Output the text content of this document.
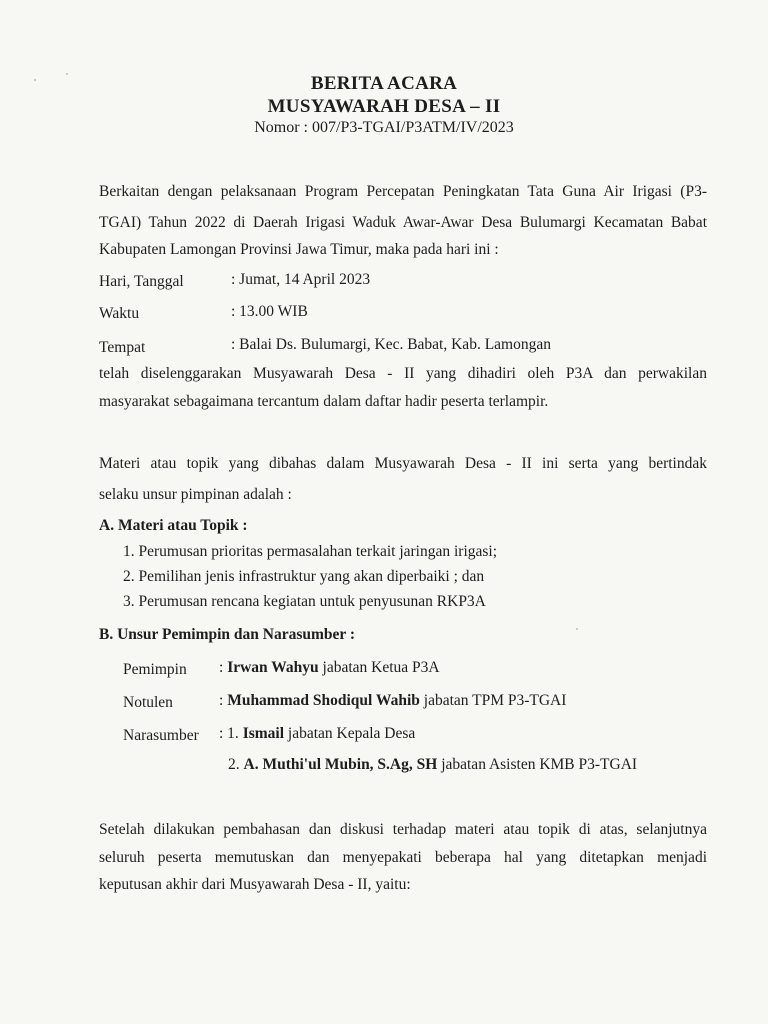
BERITA ACARA
MUSYAWARAH DESA – II
Nomor : 007/P3-TGAI/P3ATM/IV/2023
Berkaitan dengan pelaksanaan Program Percepatan Peningkatan Tata Guna Air Irigasi (P3-
TGAI) Tahun 2022 di Daerah Irigasi Waduk Awar-Awar Desa Bulumargi Kecamatan Babat
Kabupaten Lamongan Provinsi Jawa Timur, maka pada hari ini :
Hari, Tanggal	: Jumat, 14 April 2023
Waktu	: 13.00 WIB
Tempat	: Balai Ds. Bulumargi, Kec. Babat, Kab. Lamongan
telah diselenggarakan Musyawarah Desa - II yang dihadiri oleh P3A dan perwakilan
masyarakat sebagaimana tercantum dalam daftar hadir peserta terlampir.
Materi atau topik yang dibahas dalam Musyawarah Desa - II ini serta yang bertindak
selaku unsur pimpinan adalah :
A. Materi atau Topik :
1. Perumusan prioritas permasalahan terkait jaringan irigasi;
2. Pemilihan jenis infrastruktur yang akan diperbaiki ; dan
3. Perumusan rencana kegiatan untuk penyusunan RKP3A
B. Unsur Pemimpin dan Narasumber :
Pemimpin : Irwan Wahyu jabatan Ketua P3A
Notulen	: Muhammad Shodiqul Wahib jabatan TPM P3-TGAI
Narasumber : 1. Ismail jabatan Kepala Desa
2. A. Muthi'ul Mubin, S.Ag, SH jabatan Asisten KMB P3-TGAI
Setelah dilakukan pembahasan dan diskusi terhadap materi atau topik di atas, selanjutnya
seluruh peserta memutuskan dan menyepakati beberapa hal yang ditetapkan menjadi
keputusan akhir dari Musyawarah Desa - II, yaitu:
